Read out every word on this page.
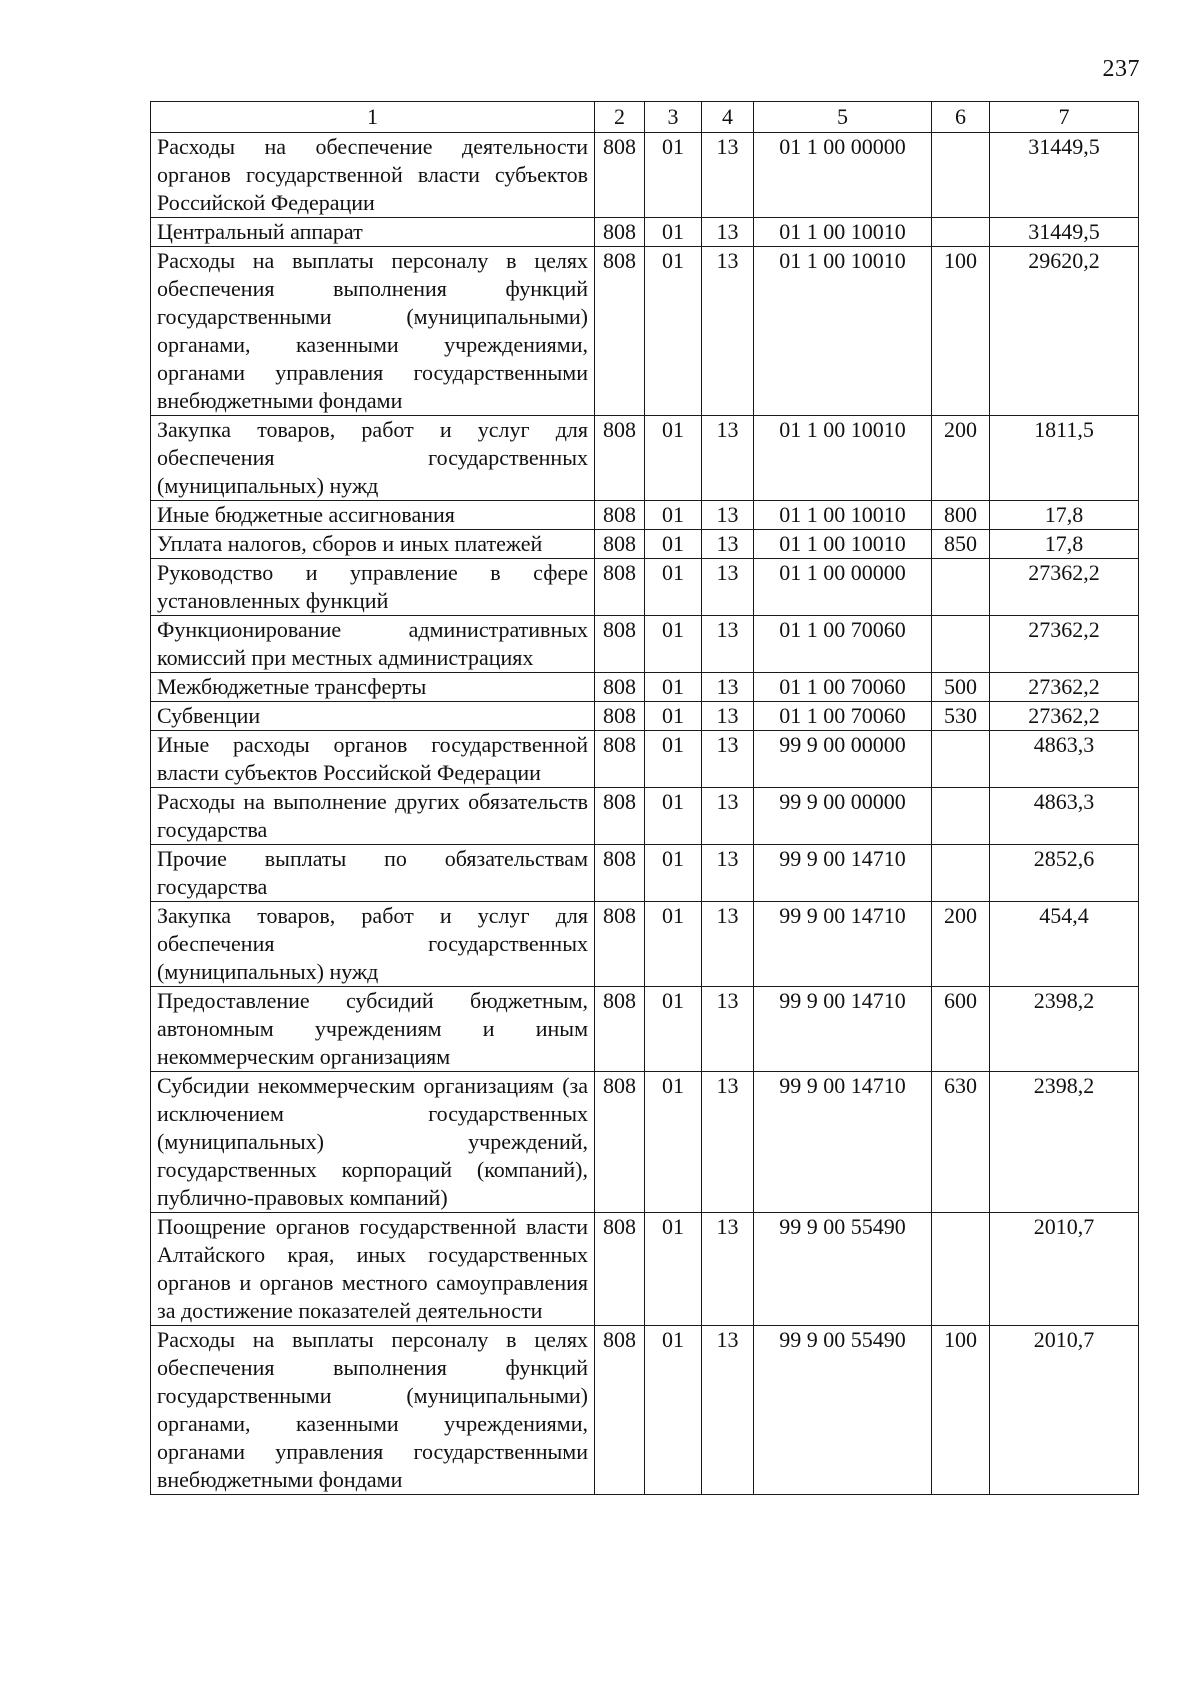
237
1	2	3	4	5	6	7
Расходы на обеспечение деятельности органов государственной власти субъектов Российской Федерации	808	01	13	01 1 00 00000		31449,5
Центральный аппарат	808	01	13	01 1 00 10010		31449,5
Расходы на выплаты персоналу в целях обеспечения выполнения функций государственными (муниципальными) органами, казенными учреждениями, органами управления государственными внебюджетными фондами	808	01	13	01 1 00 10010	100	29620,2
Закупка товаров, работ и услуг для обеспечения государственных (муниципальных) нужд	808	01	13	01 1 00 10010	200	1811,5
Иные бюджетные ассигнования	808	01	13	01 1 00 10010	800	17,8
Уплата налогов, сборов и иных платежей	808	01	13	01 1 00 10010	850	17,8
Руководство и управление в сфере установленных функций	808	01	13	01 1 00 00000		27362,2
Функционирование административных комиссий при местных администрациях	808	01	13	01 1 00 70060		27362,2
Межбюджетные трансферты	808	01	13	01 1 00 70060	500	27362,2
Субвенции	808	01	13	01 1 00 70060	530	27362,2
Иные расходы органов государственной власти субъектов Российской Федерации	808	01	13	99 9 00 00000		4863,3
Расходы на выполнение других обязательств государства	808	01	13	99 9 00 00000		4863,3
Прочие выплаты по обязательствам государства	808	01	13	99 9 00 14710		2852,6
Закупка товаров, работ и услуг для обеспечения государственных (муниципальных) нужд	808	01	13	99 9 00 14710	200	454,4
Предоставление субсидий бюджетным, автономным учреждениям и иным некоммерческим организациям	808	01	13	99 9 00 14710	600	2398,2
Субсидии некоммерческим организациям (за исключением государственных (муниципальных) учреждений, государственных корпораций (компаний), публично-правовых компаний)	808	01	13	99 9 00 14710	630	2398,2
Поощрение органов государственной власти Алтайского края, иных государственных органов и органов местного самоуправления за достижение показателей деятельности	808	01	13	99 9 00 55490		2010,7
Расходы на выплаты персоналу в целях обеспечения выполнения функций государственными (муниципальными) органами, казенными учреждениями, органами управления государственными внебюджетными фондами	808	01	13	99 9 00 55490	100	2010,7
